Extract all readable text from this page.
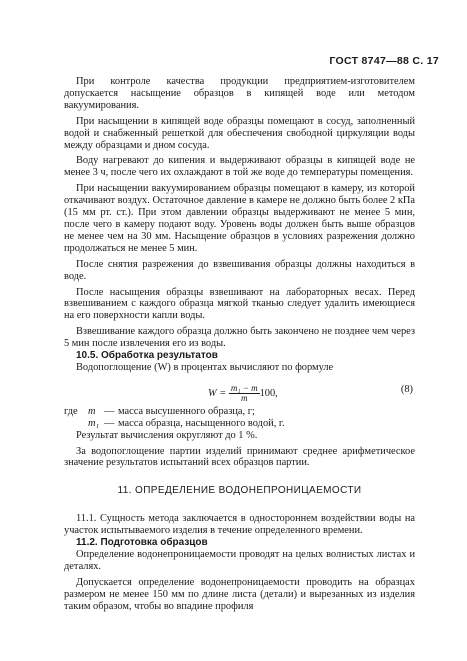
ГОСТ 8747—88 С. 17

При контроле качества продукции предприятием-изготовителем допускается насыщение образцов в кипящей воде или методом вакуумирования.

При насыщении в кипящей воде образцы помещают в сосуд, заполненный водой и снабженный решеткой для обеспечения свободной циркуляции воды между образцами и дном сосуда.

Воду нагревают до кипения и выдерживают образцы в кипящей воде не менее 3 ч, после чего их охлаждают в той же воде до температуры помещения.

При насыщении вакуумированием образцы помещают в камеру, из которой откачивают воздух. Остаточное давление в камере не должно быть более 2 кПа (15 мм рт. ст.). При этом давлении образцы выдерживают не менее 5 мин, после чего в камеру подают воду. Уровень воды должен быть выше образцов не менее чем на 30 мм. Насыщение образцов в условиях разрежения должно продолжаться не менее 5 мин.

После снятия разрежения до взвешивания образцы должны находиться в воде.

После насыщения образцы взвешивают на лабораторных весах. Перед взвешиванием с каждого образца мягкой тканью следует удалить имеющиеся на его поверхности капли воды.

Взвешивание каждого образца должно быть закончено не позднее чем через 5 мин после извлечения его из воды.

10.5. Обработка результатов

Водопоглощение (W) в процентах вычисляют по формуле

$W = \frac{\text{m₁ − m}}{m} 100$,	(8)
где m — масса высушенного образца, г;
m₁ — масса образца, насыщенного водой, г.

Результат вычисления округляют до 1 %.

За водопоглощение партии изделий принимают среднее арифметическое значение результатов испытаний всех образцов партии.

11. ОПРЕДЕЛЕНИЕ ВОДОНЕПРОНИЦАЕМОСТИ

11.1. Сущность метода заключается в одностороннем воздействии воды на участок испытываемого изделия в течение определенного времени.

11.2. Подготовка образцов

Определение водонепроницаемости проводят на целых волнистых листах и деталях.

Допускается определение водонепроницаемости проводить на образцах размером не менее 150 мм по длине листа (детали) и вырезанных из изделия таким образом, чтобы во впадине профиля
